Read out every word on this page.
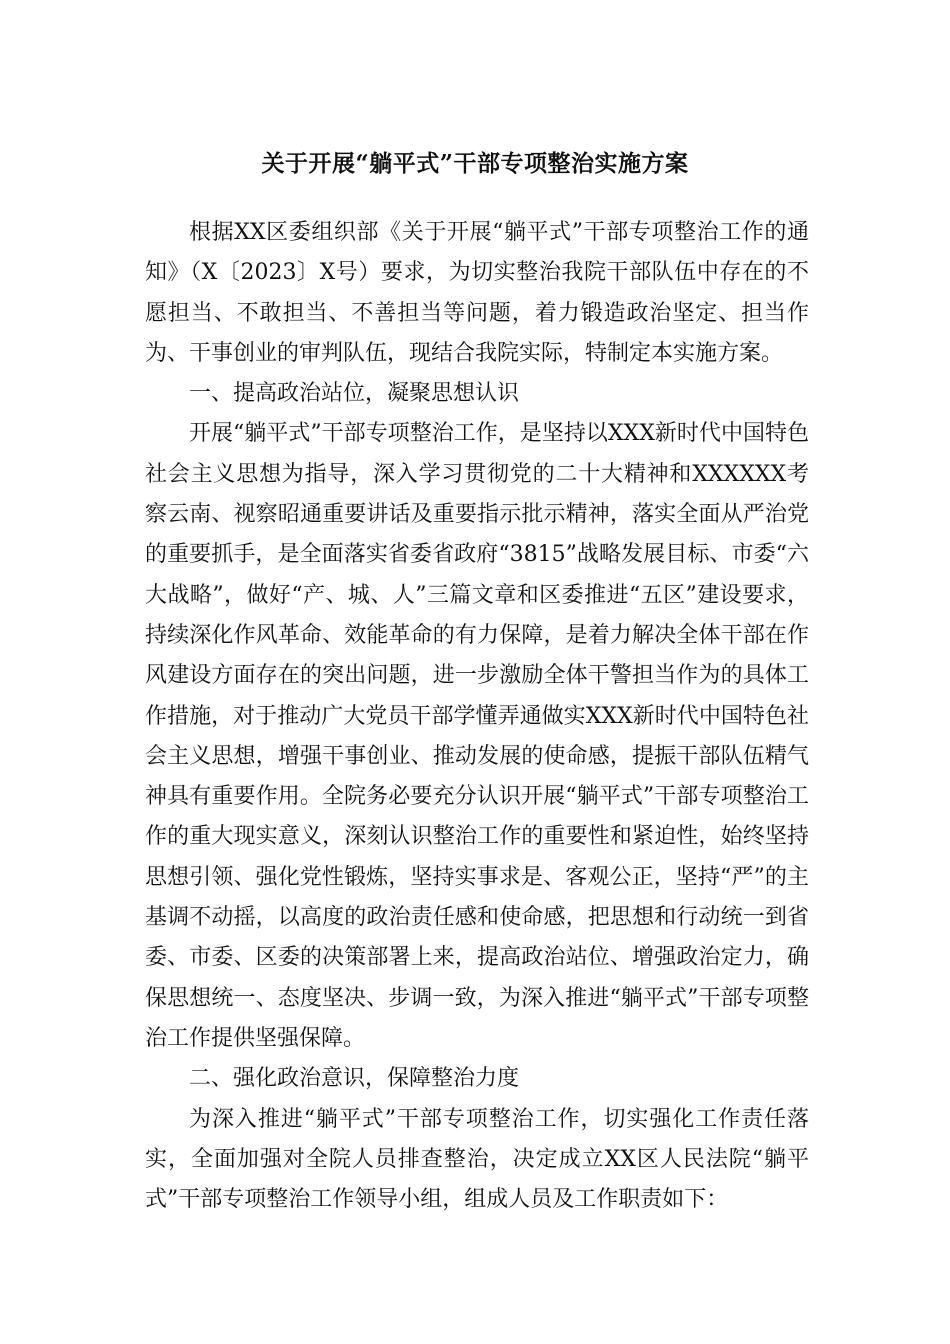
关于开展“躺平式”干部专项整治实施方案

根据XX区委组织部《关于开展“躺平式”干部专项整治工作的通知》（X〔2023〕X号）要求，为切实整治我院干部队伍中存在的不愿担当、不敢担当、不善担当等问题，着力锻造政治坚定、担当作为、干事创业的审判队伍，现结合我院实际，特制定本实施方案。

一、提高政治站位，凝聚思想认识

开展“躺平式”干部专项整治工作，是坚持以XXX新时代中国特色社会主义思想为指导，深入学习贯彻党的二十大精神和XXXXXX考察云南、视察昭通重要讲话及重要指示批示精神，落实全面从严治党的重要抓手，是全面落实省委省政府“3815”战略发展目标、市委“六大战略”，做好“产、城、人”三篇文章和区委推进“五区”建设要求，持续深化作风革命、效能革命的有力保障，是着力解决全体干部在作风建设方面存在的突出问题，进一步激励全体干警担当作为的具体工作措施，对于推动广大党员干部学懂弄通做实XXX新时代中国特色社会主义思想，增强干事创业、推动发展的使命感，提振干部队伍精气神具有重要作用。全院务必要充分认识开展“躺平式”干部专项整治工作的重大现实意义，深刻认识整治工作的重要性和紧迫性，始终坚持思想引领、强化党性锻炼，坚持实事求是、客观公正，坚持“严”的主基调不动摇，以高度的政治责任感和使命感，把思想和行动统一到省委、市委、区委的决策部署上来，提高政治站位、增强政治定力，确保思想统一、态度坚决、步调一致，为深入推进“躺平式”干部专项整治工作提供坚强保障。

二、强化政治意识，保障整治力度

为深入推进“躺平式”干部专项整治工作，切实强化工作责任落实，全面加强对全院人员排查整治，决定成立XX区人民法院“躺平式”干部专项整治工作领导小组，组成人员及工作职责如下：
